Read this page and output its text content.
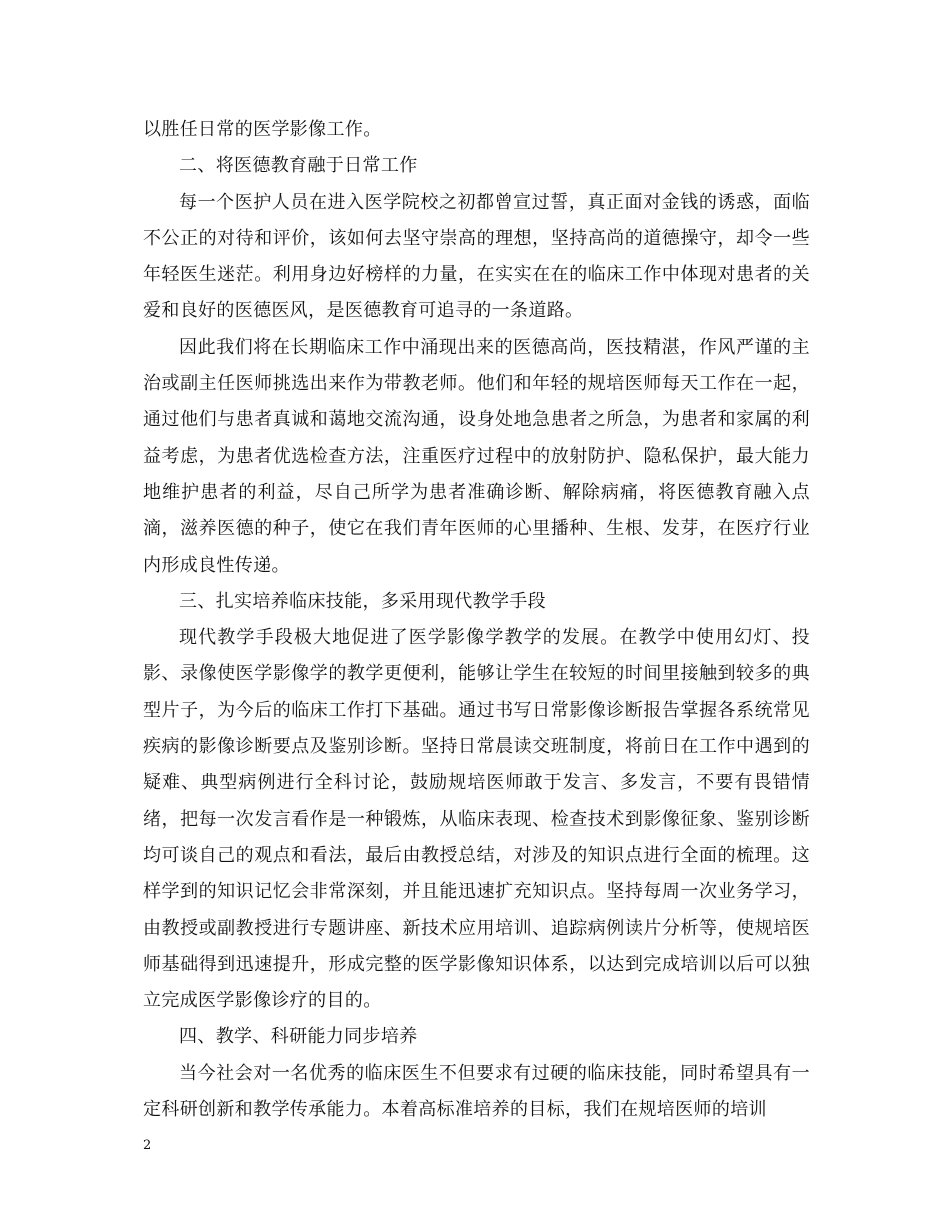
以胜任日常的医学影像工作。

二、将医德教育融于日常工作

每一个医护人员在进入医学院校之初都曾宣过誓，真正面对金钱的诱惑，面临不公正的对待和评价，该如何去坚守崇高的理想，坚持高尚的道德操守，却令一些年轻医生迷茫。利用身边好榜样的力量，在实实在在的临床工作中体现对患者的关爱和良好的医德医风，是医德教育可追寻的一条道路。

因此我们将在长期临床工作中涌现出来的医德高尚，医技精湛，作风严谨的主治或副主任医师挑选出来作为带教老师。他们和年轻的规培医师每天工作在一起，通过他们与患者真诚和蔼地交流沟通，设身处地急患者之所急，为患者和家属的利益考虑，为患者优选检查方法，注重医疗过程中的放射防护、隐私保护，最大能力地维护患者的利益，尽自己所学为患者准确诊断、解除病痛，将医德教育融入点滴，滋养医德的种子，使它在我们青年医师的心里播种、生根、发芽，在医疗行业内形成良性传递。

三、扎实培养临床技能，多采用现代教学手段

现代教学手段极大地促进了医学影像学教学的发展。在教学中使用幻灯、投影、录像使医学影像学的教学更便利，能够让学生在较短的时间里接触到较多的典型片子，为今后的临床工作打下基础。通过书写日常影像诊断报告掌握各系统常见疾病的影像诊断要点及鉴别诊断。坚持日常晨读交班制度，将前日在工作中遇到的疑难、典型病例进行全科讨论，鼓励规培医师敢于发言、多发言，不要有畏错情绪，把每一次发言看作是一种锻炼，从临床表现、检查技术到影像征象、鉴别诊断均可谈自己的观点和看法，最后由教授总结，对涉及的知识点进行全面的梳理。这样学到的知识记忆会非常深刻，并且能迅速扩充知识点。坚持每周一次业务学习，由教授或副教授进行专题讲座、新技术应用培训、追踪病例读片分析等，使规培医师基础得到迅速提升，形成完整的医学影像知识体系，以达到完成培训以后可以独立完成医学影像诊疗的目的。

四、教学、科研能力同步培养

当今社会对一名优秀的临床医生不但要求有过硬的临床技能，同时希望具有一定科研创新和教学传承能力。本着高标准培养的目标，我们在规培医师的培训

2
